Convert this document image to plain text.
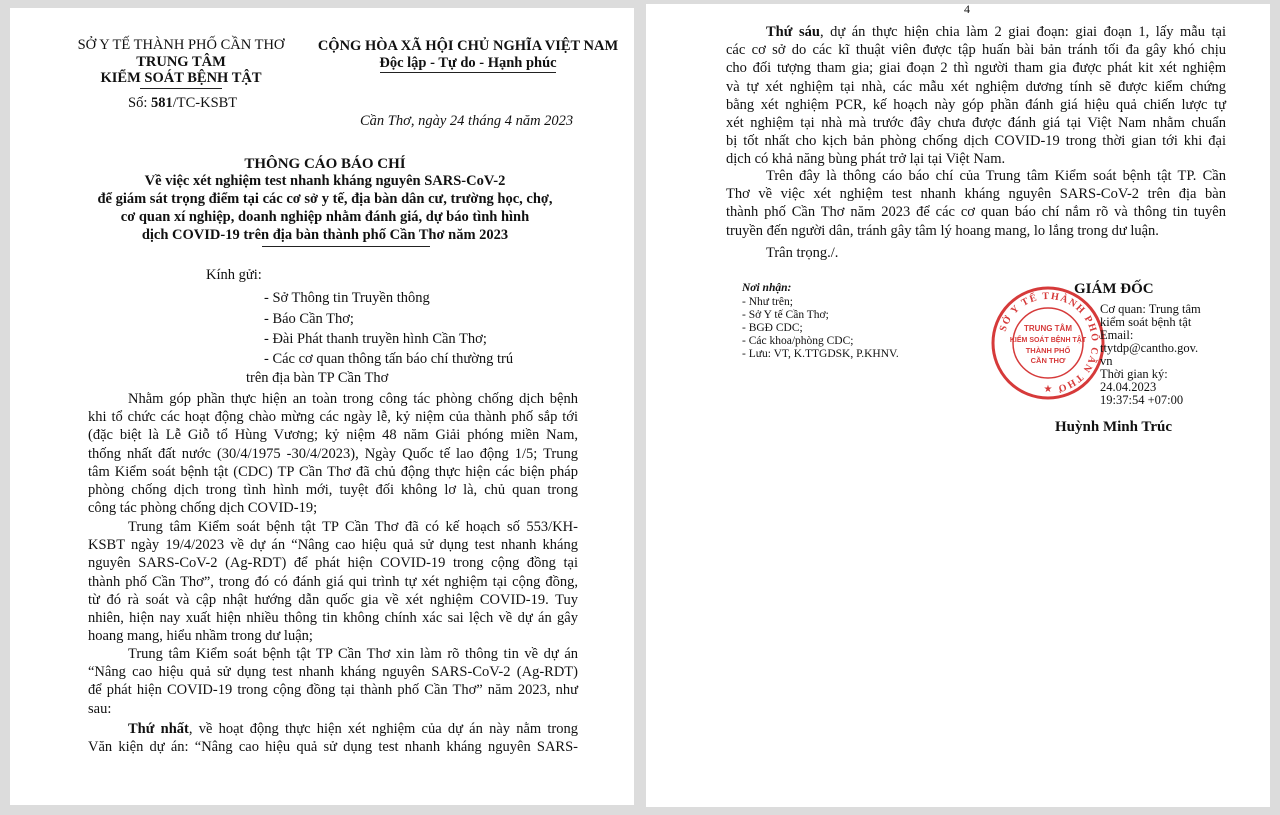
SỞ Y TẾ THÀNH PHỐ CẦN THƠ
TRUNG TÂM
KIỂM SOÁT BỆNH TẬT
Số: 581/TC-KSBT
CỘNG HÒA XÃ HỘI CHỦ NGHĨA VIỆT NAM
Độc lập - Tự do - Hạnh phúc
Cần Thơ, ngày 24 tháng 4 năm 2023
THÔNG CÁO BÁO CHÍ
Về việc xét nghiệm test nhanh kháng nguyên SARS-CoV-2
để giám sát trọng điểm tại các cơ sở y tế, địa bàn dân cư, trường học, chợ,
cơ quan xí nghiệp, doanh nghiệp nhằm đánh giá, dự báo tình hình
dịch COVID-19 trên địa bàn thành phố Cần Thơ năm 2023
Kính gửi:
- Sở Thông tin Truyền thông
- Báo Cần Thơ;
- Đài Phát thanh truyền hình Cần Thơ;
- Các cơ quan thông tấn báo chí thường trú
trên địa bàn TP Cần Thơ
Nhằm góp phần thực hiện an toàn trong công tác phòng chống dịch bệnh
khi tổ chức các hoạt động chào mừng các ngày lễ, kỷ niệm của thành phố sắp tới
(đặc biệt là Lễ Giỗ tổ Hùng Vương; kỷ niệm 48 năm Giải phóng miền Nam,
thống nhất đất nước (30/4/1975 -30/4/2023), Ngày Quốc tế lao động 1/5; Trung
tâm Kiểm soát bệnh tật (CDC) TP Cần Thơ đã chủ động thực hiện các biện pháp
phòng chống dịch trong tình hình mới, tuyệt đối không lơ là, chủ quan trong
công tác phòng chống dịch COVID-19;
Trung tâm Kiểm soát bệnh tật TP Cần Thơ đã có kế hoạch số 553/KH-
KSBT ngày 19/4/2023 về dự án “Nâng cao hiệu quả sử dụng test nhanh kháng
nguyên SARS-CoV-2 (Ag-RDT) để phát hiện COVID-19 trong cộng đồng tại
thành phố Cần Thơ”, trong đó có đánh giá qui trình tự xét nghiệm tại cộng đồng,
từ đó rà soát và cập nhật hướng dẫn quốc gia về xét nghiệm COVID-19. Tuy
nhiên, hiện nay xuất hiện nhiều thông tin không chính xác sai lệch về dự án gây
hoang mang, hiểu nhầm trong dư luận;
Trung tâm Kiểm soát bệnh tật TP Cần Thơ xin làm rõ thông tin về dự án
“Nâng cao hiệu quả sử dụng test nhanh kháng nguyên SARS-CoV-2 (Ag-RDT)
để phát hiện COVID-19 trong cộng đồng tại thành phố Cần Thơ” năm 2023, như
sau:
Thứ nhất, về hoạt động thực hiện xét nghiệm của dự án này nằm trong
Văn kiện dự án: “Nâng cao hiệu quả sử dụng test nhanh kháng nguyên SARS-
4
Thứ sáu, dự án thực hiện chia làm 2 giai đoạn: giai đoạn 1, lấy mẫu tại
các cơ sở do các kĩ thuật viên được tập huấn bài bản tránh tối đa gây khó chịu
cho đối tượng tham gia; giai đoạn 2 thì người tham gia được phát kit xét nghiệm
và tự xét nghiệm tại nhà, các mẫu xét nghiệm dương tính sẽ được kiểm chứng
bằng xét nghiệm PCR, kế hoạch này góp phần đánh giá hiệu quả chiến lược tự
xét nghiệm tại nhà mà trước đây chưa được đánh giá tại Việt Nam nhằm chuẩn
bị tốt nhất cho kịch bản phòng chống dịch COVID-19 trong thời gian tới khi đại
dịch có khả năng bùng phát trở lại tại Việt Nam.
Trên đây là thông cáo báo chí của Trung tâm Kiểm soát bệnh tật TP. Cần
Thơ về việc xét nghiệm test nhanh kháng nguyên SARS-CoV-2 trên địa bàn
thành phố Cần Thơ năm 2023 để các cơ quan báo chí nắm rõ và thông tin tuyên
truyền đến người dân, tránh gây tâm lý hoang mang, lo lắng trong dư luận.
Trân trọng./.
Nơi nhận:
- Như trên;
- Sở Y tế Cần Thơ;
- BGĐ CDC;
- Các khoa/phòng CDC;
- Lưu: VT, K.TTGDSK, P.KHNV.
GIÁM ĐỐC
SỞ Y TẾ THÀNH PHỐ CẦN THƠ
TRUNG TÂM
KIỂM SOÁT BỆNH TẬT
THÀNH PHỐ
CẦN THƠ
★
Cơ quan: Trung tâm
kiểm soát bệnh tật
Email:
ttytdp@cantho.gov.
vn
Thời gian ký:
24.04.2023
19:37:54 +07:00
Huỳnh Minh Trúc
